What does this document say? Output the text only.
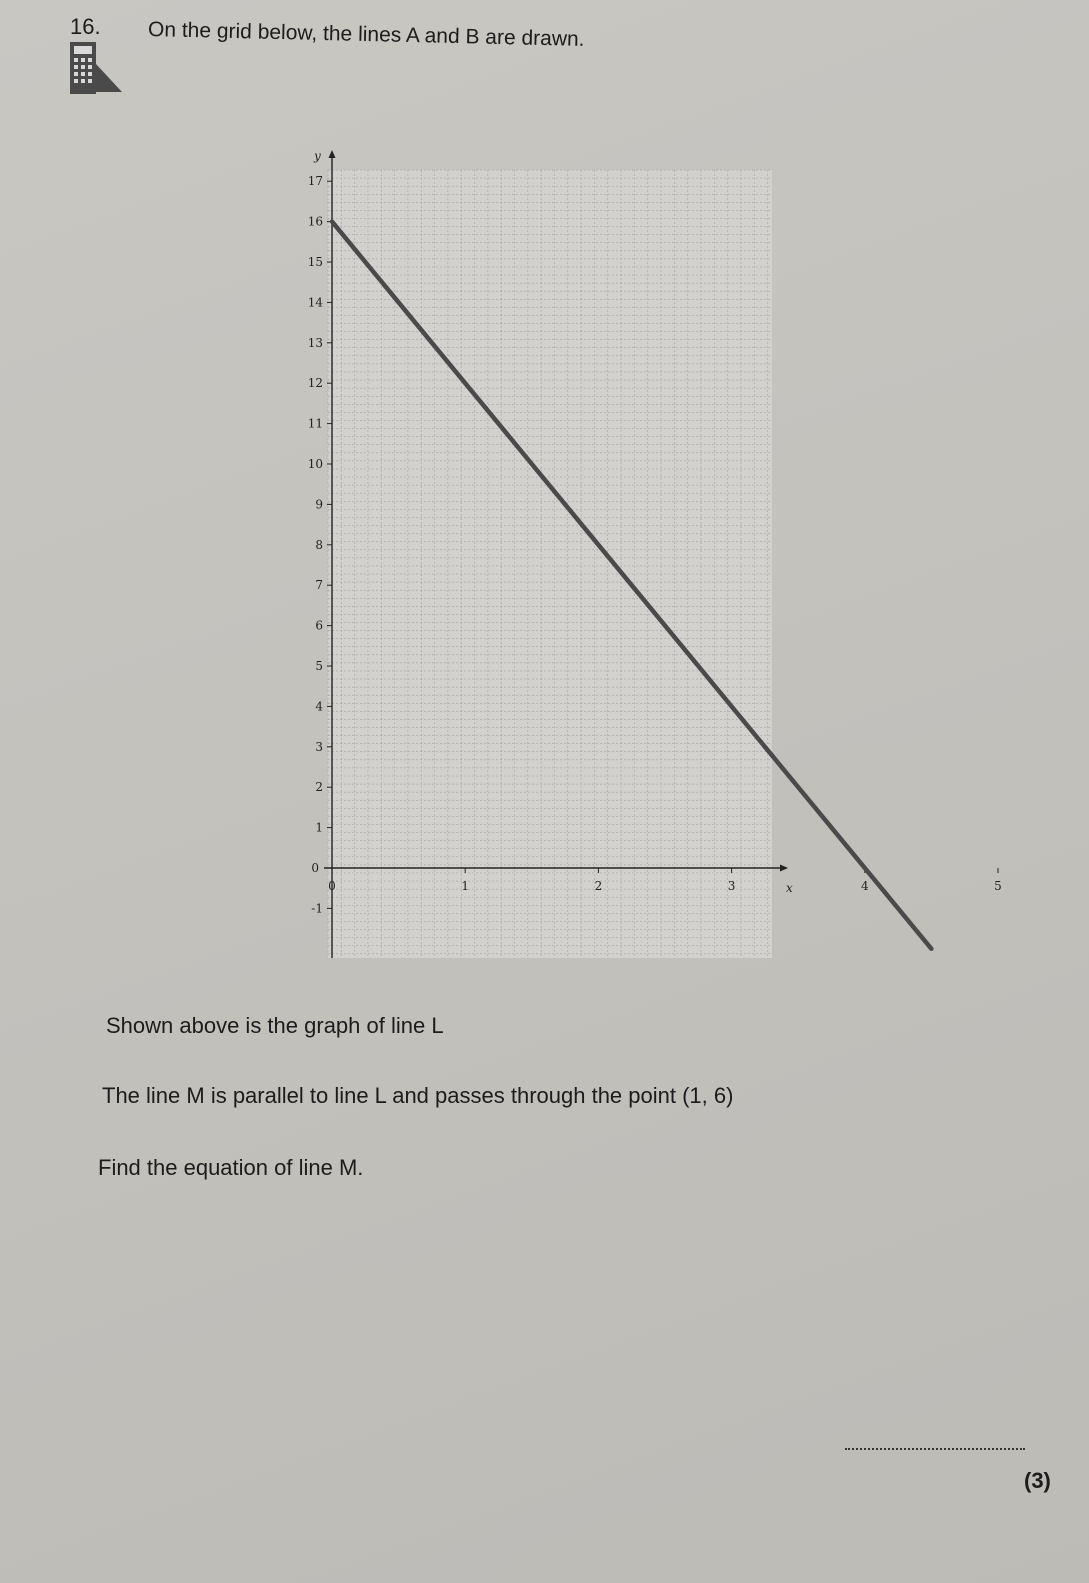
16. On the grid below, the lines A and B are drawn.
x
y
-1
1
2
3
4
5
6
7
8
9
10
11
12
13
14
15
16
17
0
1	2	3	4	5
0
Shown above is the graph of line L
The line M is parallel to line L and passes through the point (1, 6)
Find the equation of line M.
(3)
